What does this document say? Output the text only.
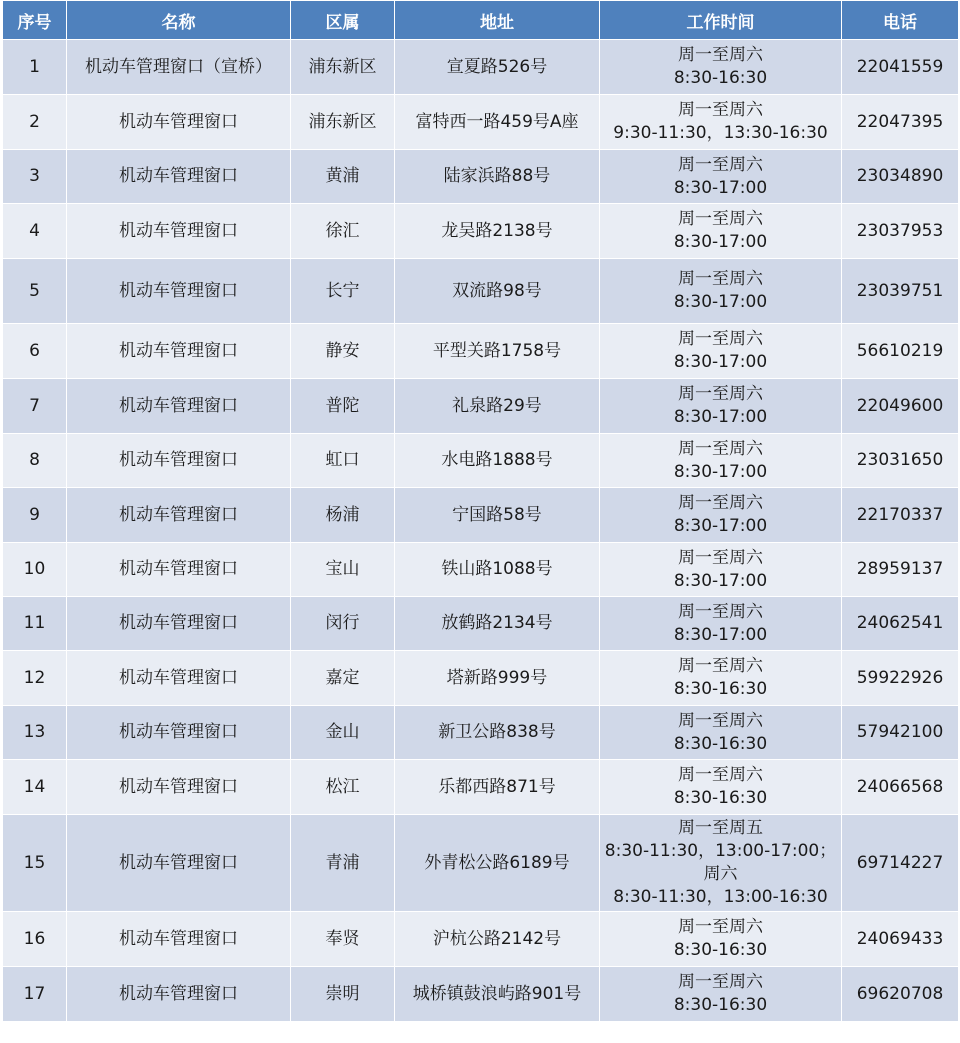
序号	名称	区属	地址	工作时间	电话
1	机动车管理窗口（宣桥）	浦东新区	宣夏路526号	周一至周六
8:30-16:30	22041559
2	机动车管理窗口	浦东新区	富特西一路459号A座	周一至周六
9:30-11:30，13:30-16:30	22047395
3	机动车管理窗口	黄浦	陆家浜路88号	周一至周六
8:30-17:00	23034890
4	机动车管理窗口	徐汇	龙吴路2138号	周一至周六
8:30-17:00	23037953
5	机动车管理窗口	长宁	双流路98号	周一至周六
8:30-17:00	23039751
6	机动车管理窗口	静安	平型关路1758号	周一至周六
8:30-17:00	56610219
7	机动车管理窗口	普陀	礼泉路29号	周一至周六
8:30-17:00	22049600
8	机动车管理窗口	虹口	水电路1888号	周一至周六
8:30-17:00	23031650
9	机动车管理窗口	杨浦	宁国路58号	周一至周六
8:30-17:00	22170337
10	机动车管理窗口	宝山	铁山路1088号	周一至周六
8:30-17:00	28959137
11	机动车管理窗口	闵行	放鹤路2134号	周一至周六
8:30-17:00	24062541
12	机动车管理窗口	嘉定	塔新路999号	周一至周六
8:30-16:30	59922926
13	机动车管理窗口	金山	新卫公路838号	周一至周六
8:30-16:30	57942100
14	机动车管理窗口	松江	乐都西路871号	周一至周六
8:30-16:30	24066568
15	机动车管理窗口	青浦	外青松公路6189号	周一至周五
8:30-11:30，13:00-17:00；
周六
8:30-11:30，13:00-16:30	69714227
16	机动车管理窗口	奉贤	沪杭公路2142号	周一至周六
8:30-16:30	24069433
17	机动车管理窗口	崇明	城桥镇鼓浪屿路901号	周一至周六
8:30-16:30	69620708
